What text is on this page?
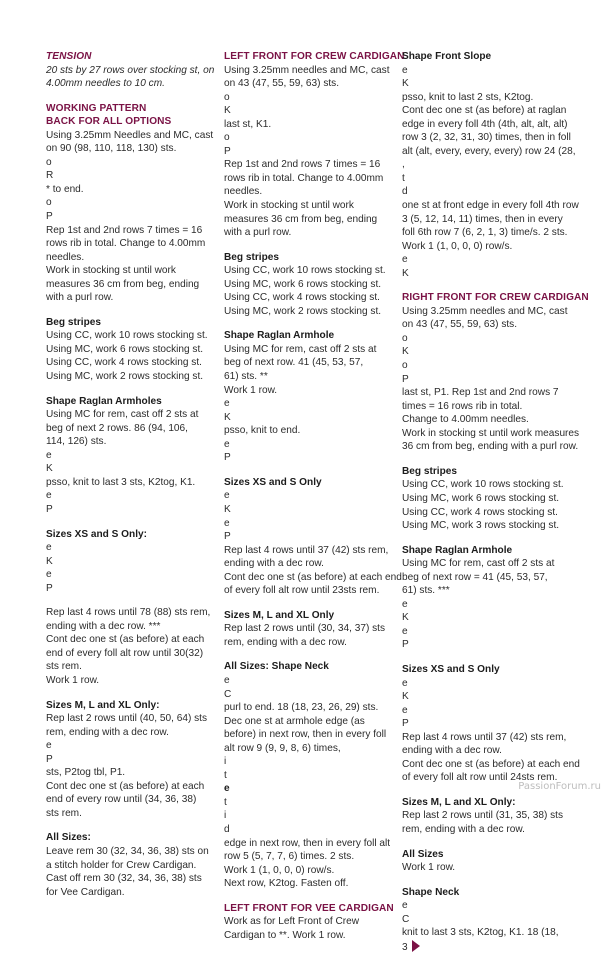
TENSION
20 sts by 27 rows over stocking st, on
4.00mm needles to 10 cm.
WORKING PATTERN
BACK FOR ALL OPTIONS
Using 3.25mm Needles and MC, cast
on 90 (98, 110, 118, 130) sts.
o
R
* to end.
o
P
Rep 1st and 2nd rows 7 times = 16
rows rib in total. Change to 4.00mm
needles.
Work in stocking st until work
measures 36 cm from beg, ending
with a purl row.
Beg stripes
Using CC, work 10 rows stocking st.
Using MC, work 6 rows stocking st.
Using CC, work 4 rows stocking st.
Using MC, work 2 rows stocking st.
Shape Raglan Armholes
Using MC for rem, cast off 2 sts at
beg of next 2 rows. 86 (94, 106,
114, 126) sts.
e
K
psso, knit to last 3 sts, K2tog, K1.
e
P
Sizes XS and S Only:
e
K
e
P
Rep last 4 rows until 78 (88) sts rem,
ending with a dec row. ***
Cont dec one st (as before) at each
end of every foll alt row until 30(32)
sts rem.
Work 1 row.
Sizes M, L and XL Only:
Rep last 2 rows until (40, 50, 64) sts
rem, ending with a dec row.
e
P
sts, P2tog tbl, P1.
Cont dec one st (as before) at each
end of every row until (34, 36, 38)
sts rem.
All Sizes:
Leave rem 30 (32, 34, 36, 38) sts on
a stitch holder for Crew Cardigan.
Cast off rem 30 (32, 34, 36, 38) sts
for Vee Cardigan.
LEFT FRONT FOR CREW CARDIGAN
Using 3.25mm needles and MC, cast
on 43 (47, 55, 59, 63) sts.
o
K
last st, K1.
o
P
Rep 1st and 2nd rows 7 times = 16
rows rib in total. Change to 4.00mm
needles.
Work in stocking st until work
measures 36 cm from beg, ending
with a purl row.
Beg stripes
Using CC, work 10 rows stocking st.
Using MC, work 6 rows stocking st.
Using CC, work 4 rows stocking st.
Using MC, work 2 rows stocking st.
Shape Raglan Armhole
Using MC for rem, cast off 2 sts at
beg of next row. 41 (45, 53, 57,
61) sts. **
Work 1 row.
e
K
psso, knit to end.
e
P
Sizes XS and S Only
e
K
e
P
Rep last 4 rows until 37 (42) sts rem,
ending with a dec row.
Cont dec one st (as before) at each end
of every foll alt row until 23sts rem.
Sizes M, L and XL Only
Rep last 2 rows until (30, 34, 37) sts
rem, ending with a dec row.
All Sizes: Shape Neck
e
C
purl to end. 18 (18, 23, 26, 29) sts.
Dec one st at armhole edge (as
before) in next row, then in every foll
alt row 9 (9, 9, 8, 6) times,
i
t
e
t
i
d
edge in next row, then in every foll alt
row 5 (5, 7, 7, 6) times. 2 sts.
Work 1 (1, 0, 0, 0) row/s.
Next row, K2tog. Fasten off.
LEFT FRONT FOR VEE CARDIGAN
Work as for Left Front of Crew
Cardigan to **. Work 1 row.
Shape Front Slope
e
K
psso, knit to last 2 sts, K2tog.
Cont dec one st (as before) at raglan
edge in every foll 4th (4th, alt, alt, alt)
row 3 (2, 32, 31, 30) times, then in foll
alt (alt, every, every, every) row 24 (28,
,
t
d
one st at front edge in every foll 4th row
3 (5, 12, 14, 11) times, then in every
foll 6th row 7 (6, 2, 1, 3) time/s. 2 sts.
Work 1 (1, 0, 0, 0) row/s.
e
K
RIGHT FRONT FOR CREW CARDIGAN
Using 3.25mm needles and MC, cast
on 43 (47, 55, 59, 63) sts.
o
K
o
P
last st, P1. Rep 1st and 2nd rows 7
times = 16 rows rib in total.
Change to 4.00mm needles.
Work in stocking st until work measures
36 cm from beg, ending with a purl row.
Beg stripes
Using CC, work 10 rows stocking st.
Using MC, work 6 rows stocking st.
Using CC, work 4 rows stocking st.
Using MC, work 3 rows stocking st.
Shape Raglan Armhole
Using MC for rem, cast off 2 sts at
beg of next row = 41 (45, 53, 57,
61) sts. ***
e
K
e
P
Sizes XS and S Only
e
K
e
P
Rep last 4 rows until 37 (42) sts rem,
ending with a dec row.
Cont dec one st (as before) at each end
of every foll alt row until 24sts rem.
Sizes M, L and XL Only:
Rep last 2 rows until (31, 35, 38) sts
rem, ending with a dec row.
All Sizes
Work 1 row.
Shape Neck
e
C
knit to last 3 sts, K2tog, K1. 18 (18,
3
PassionForum.ru
